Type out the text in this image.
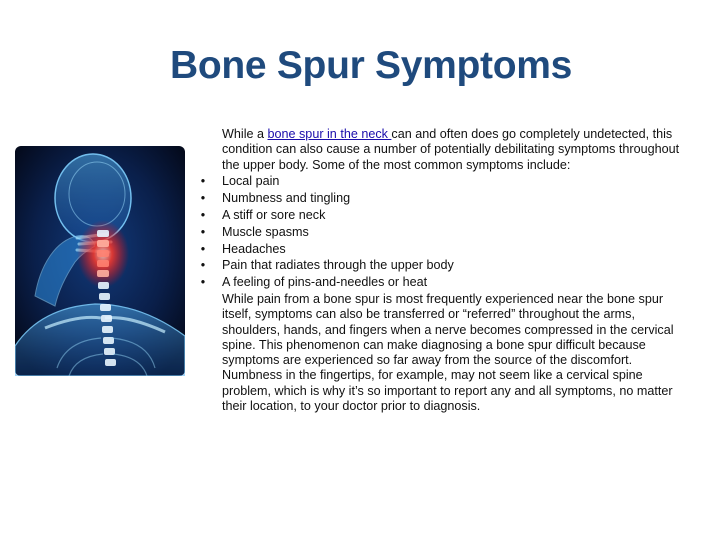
Bone Spur Symptoms

While a bone spur in the neck can and often does go completely undetected, this condition can also cause a number of potentially debilitating symptoms throughout the upper body. Some of the most common symptoms include:

• Local pain
• Numbness and tingling
• A stiff or sore neck
• Muscle spasms
• Headaches
• Pain that radiates through the upper body
• A feeling of pins-and-needles or heat

While pain from a bone spur is most frequently experienced near the bone spur itself, symptoms can also be transferred or “referred” throughout the arms, shoulders, hands, and fingers when a nerve becomes compressed in the cervical spine. This phenomenon can make diagnosing a bone spur difficult because symptoms are experienced so far away from the source of the discomfort. Numbness in the fingertips, for example, may not seem like a cervical spine problem, which is why it’s so important to report any and all symptoms, no matter their location, to your doctor prior to diagnosis.
